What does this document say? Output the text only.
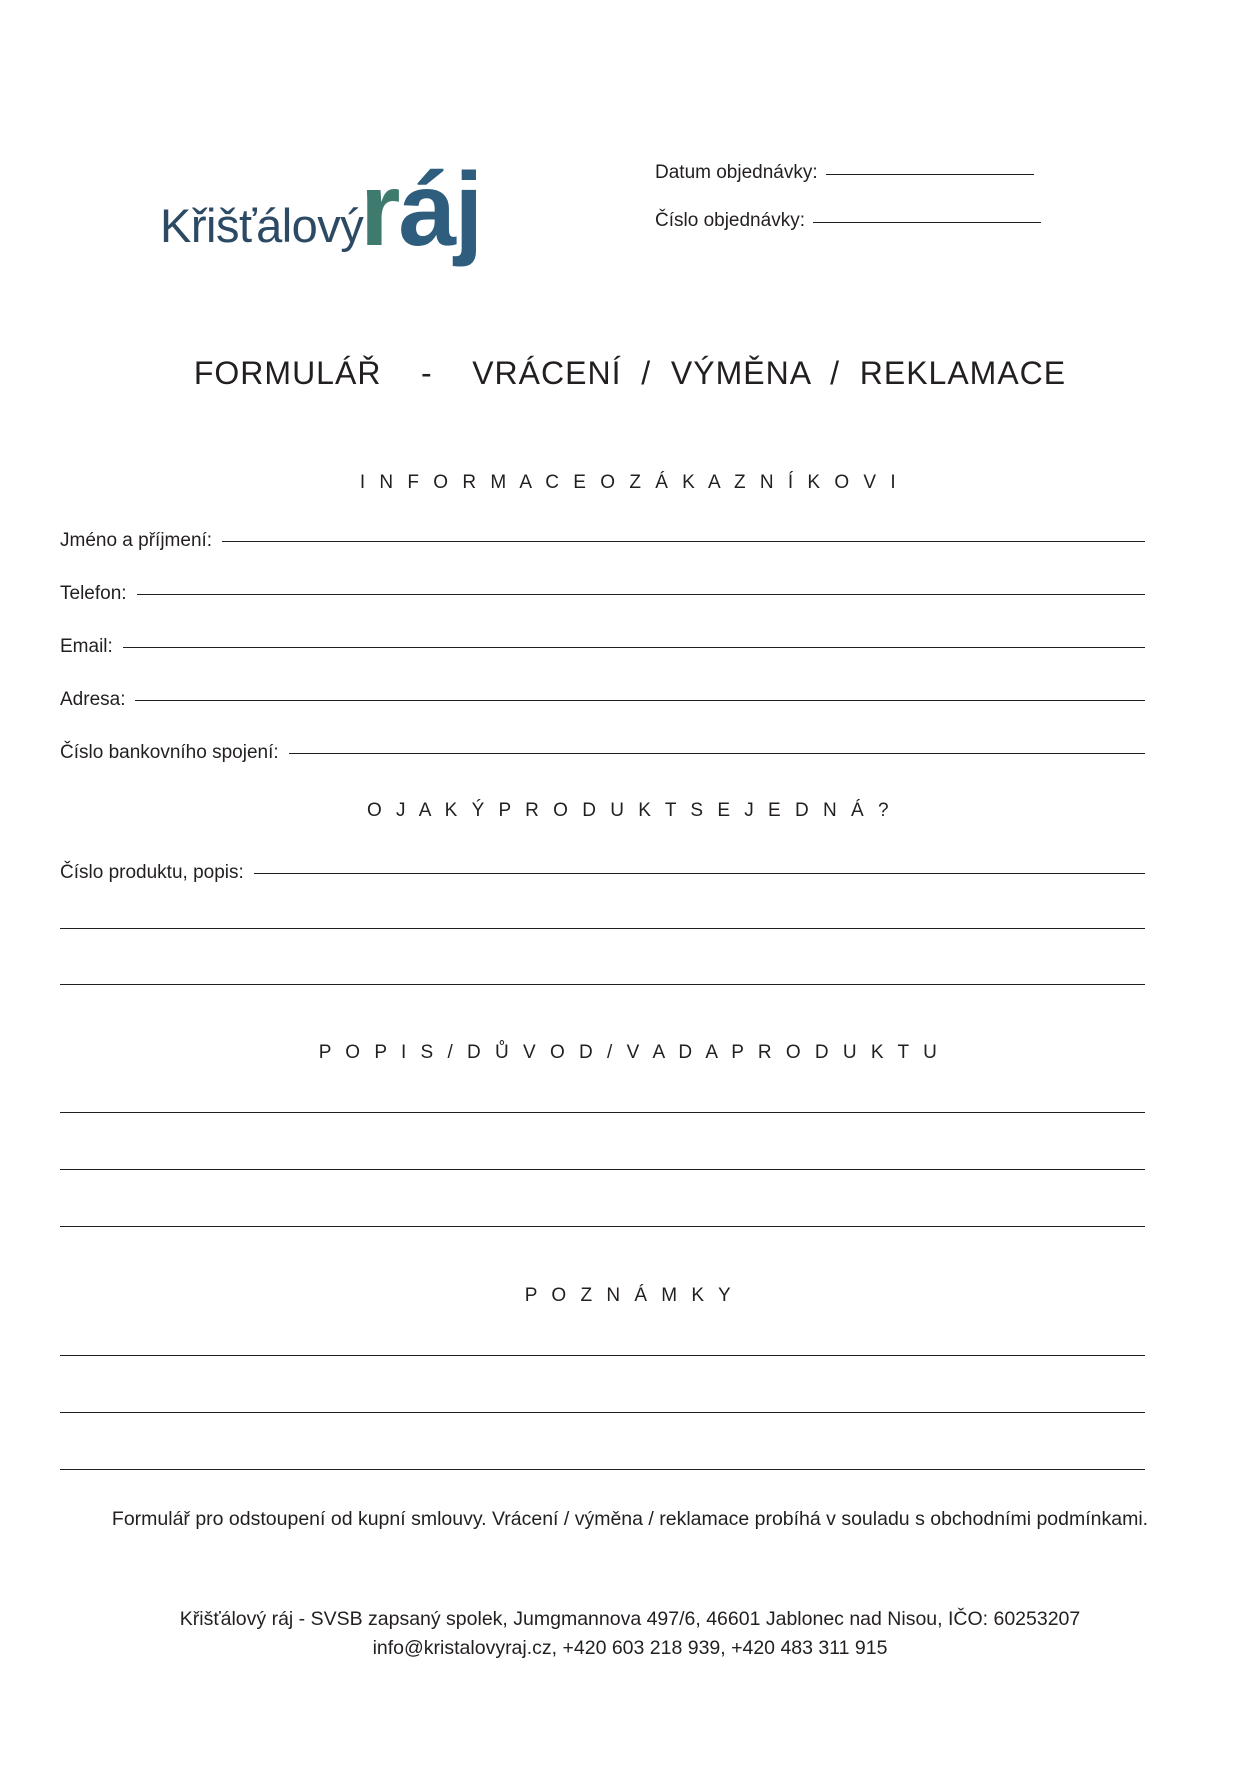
Křišťálový
ráj	Datum objednávky:
Číslo objednávky:
FORMULÁŘ    -    VRÁCENÍ  /  VÝMĚNA  /  REKLAMACE
I N F O R M A C E O Z Á K A Z N Í K O V I
Jméno a příjmení:
Telefon:
Email:
Adresa:
Číslo bankovního spojení:
O J A K Ý P R O D U K T S E J E D N Á ?
Číslo produktu, popis:
P O P I S / D Ů V O D / V A D A P R O D U K T U
P O Z N Á M K Y
Formulář pro odstoupení od kupní smlouvy. Vrácení / výměna / reklamace probíhá v souladu s obchodními podmínkami.
Křišťálový ráj - SVSB zapsaný spolek, Jumgmannova 497/6, 46601 Jablonec nad Nisou, IČO: 60253207
info@kristalovyraj.cz, +420 603 218 939, +420 483 311 915
